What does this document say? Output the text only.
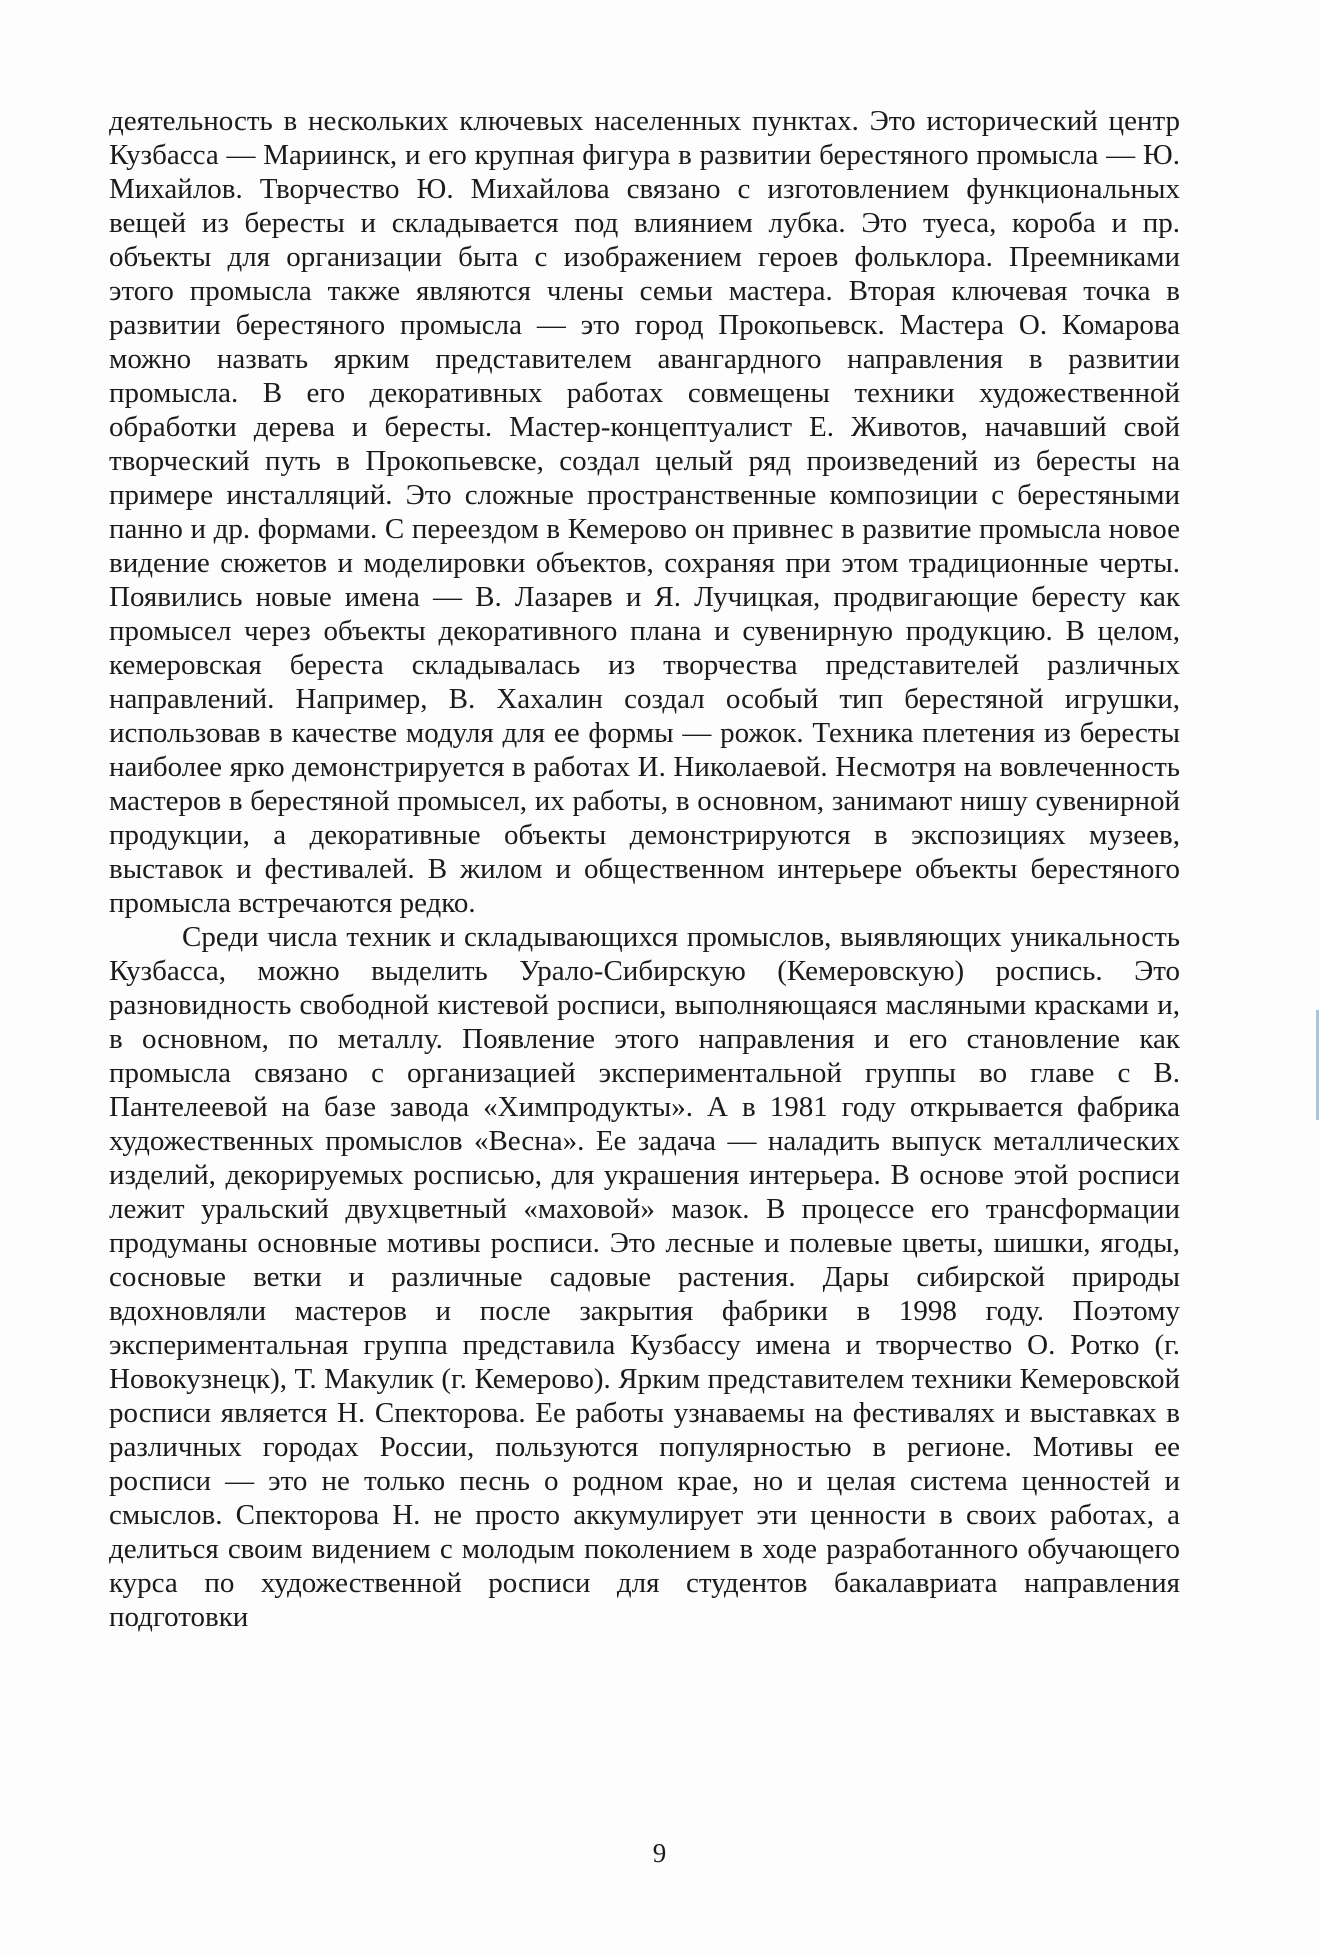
деятельность в нескольких ключевых населенных пунктах. Это исторический центр Кузбасса — Мариинск, и его крупная фигура в развитии берестяного промысла — Ю. Михайлов. Творчество Ю. Михайлова связано с изготовлением функциональных вещей из бересты и складывается под влиянием лубка. Это туеса, короба и пр. объекты для организации быта с изображением героев фольклора. Преемниками этого промысла также являются члены семьи мастера. Вторая ключевая точка в развитии берестяного промысла — это город Прокопьевск. Мастера О. Комарова можно назвать ярким представителем авангардного направления в развитии промысла. В его декоративных работах совмещены техники художественной обработки дерева и бересты. Мастер-концептуалист Е. Животов, начавший свой творческий путь в Прокопьевске, создал целый ряд произведений из бересты на примере инсталляций. Это сложные пространственные композиции с берестяными панно и др. формами. С переездом в Кемерово он привнес в развитие промысла новое видение сюжетов и моделировки объектов, сохраняя при этом традиционные черты. Появились новые имена — В. Лазарев и Я. Лучицкая, продвигающие бересту как промысел через объекты декоративного плана и сувенирную продукцию. В целом, кемеровская береста складывалась из творчества представителей различных направлений. Например, В. Хахалин создал особый тип берестяной игрушки, использовав в качестве модуля для ее формы — рожок. Техника плетения из бересты наиболее ярко демонстрируется в работах И. Николаевой. Несмотря на вовлеченность мастеров в берестяной промысел, их работы, в основном, занимают нишу сувенирной продукции, а декоративные объекты демонстрируются в экспозициях музеев, выставок и фестивалей. В жилом и общественном интерьере объекты берестяного промысла встречаются редко.

Среди числа техник и складывающихся промыслов, выявляющих уникальность Кузбасса, можно выделить Урало-Сибирскую (Кемеровскую) роспись. Это разновидность свободной кистевой росписи, выполняющаяся масляными красками и, в основном, по металлу. Появление этого направления и его становление как промысла связано с организацией экспериментальной группы во главе с В. Пантелеевой на базе завода «Химпродукты». А в 1981 году открывается фабрика художественных промыслов «Весна». Ее задача — наладить выпуск металлических изделий, декорируемых росписью, для украшения интерьера. В основе этой росписи лежит уральский двухцветный «маховой» мазок. В процессе его трансформации продуманы основные мотивы росписи. Это лесные и полевые цветы, шишки, ягоды, сосновые ветки и различные садовые растения. Дары сибирской природы вдохновляли мастеров и после закрытия фабрики в 1998 году. Поэтому экспериментальная группа представила Кузбассу имена и творчество О. Ротко (г. Новокузнецк), Т. Макулик (г. Кемерово). Ярким представителем техники Кемеровской росписи является Н. Спекторова. Ее работы узнаваемы на фестивалях и выставках в различных городах России, пользуются популярностью в регионе. Мотивы ее росписи — это не только песнь о родном крае, но и целая система ценностей и смыслов. Спекторова Н. не просто аккумулирует эти ценности в своих работах, а делиться своим видением с молодым поколением в ходе разработанного обучающего курса по художественной росписи для студентов бакалавриата направления подготовки

9
